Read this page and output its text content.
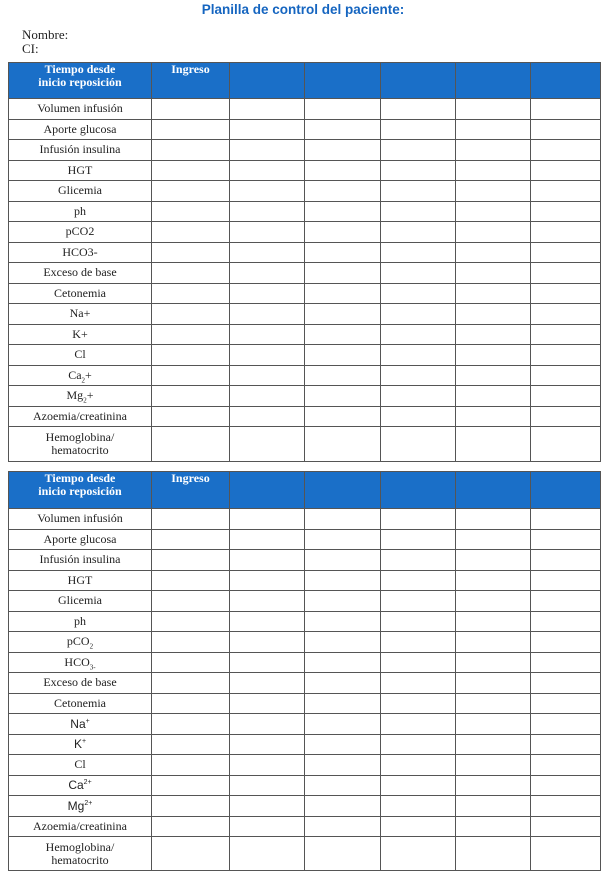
Planilla de control del paciente:
Nombre:
CI:
Tiempo desde
inicio reposición	Ingreso					
Volumen infusión						
Aporte glucosa						
Infusión insulina						
HGT						
Glicemia						
ph						
pCO2						
HCO3-						
Exceso de base						
Cetonemia						
Na+						
K+						
Cl						
$Ca_2+$						
$Mg_2+$						
Azoemia/creatinina						
Hemoglobina/
hematocrito						
Tiempo desde
inicio reposición	Ingreso					
Volumen infusión						
Aporte glucosa						
Infusión insulina						
HGT						
Glicemia						
ph						
pCO$_2$						
$HCO_{3-}$						
Exceso de base						
Cetonemia						
Na+						
K+						
Cl						
$Ca^{2+}$						
$Mg^{2+}$						
Azoemia/creatinina						
Hemoglobina/
hematocrito						
